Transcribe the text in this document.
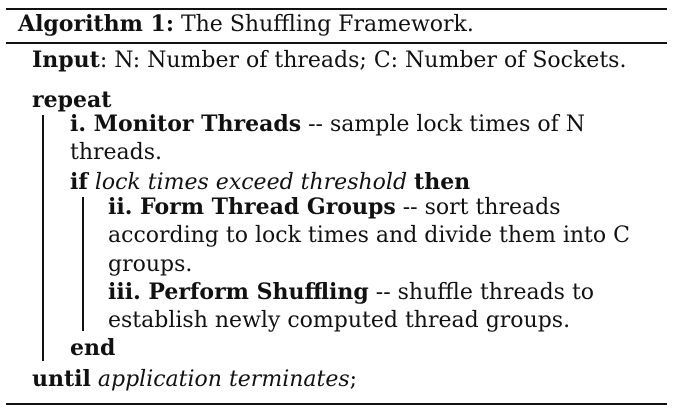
Algorithm 1: The Shuffling Framework.
Input: N: Number of threads; C: Number of Sockets.
repeat
i. Monitor Threads -- sample lock times of N
threads.
if lock times exceed threshold then
ii. Form Thread Groups -- sort threads
according to lock times and divide them into C
groups.
iii. Perform Shuffling -- shuffle threads to
establish newly computed thread groups.
end
until application terminates;
